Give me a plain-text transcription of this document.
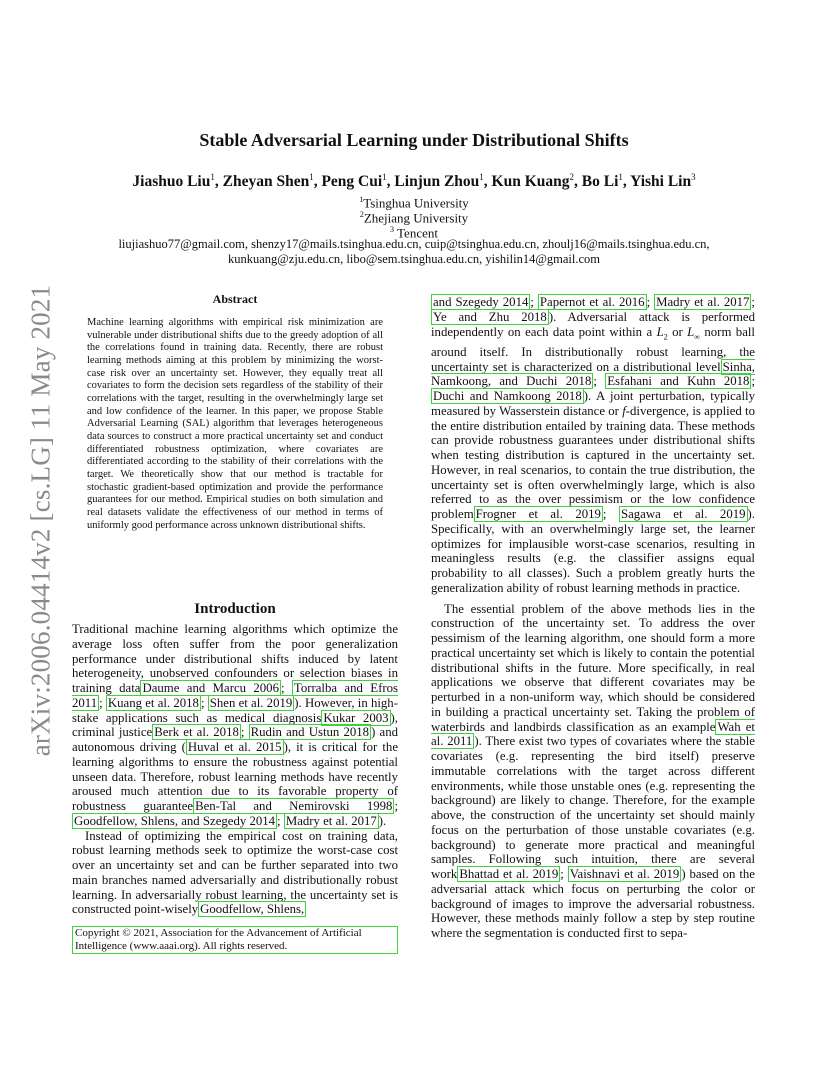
arXiv:2006.04414v2 [cs.LG] 11 May 2021
Stable Adversarial Learning under Distributional Shifts
Jiashuo Liu$^1$, Zheyan Shen$^1$, Peng Cui$^1$, Linjun Zhou$^1$, Kun Kuang$^2$, Bo Li$^1$, Yishi Lin$^3$
$^1$Tsinghua University
$^2$Zhejiang University
$^3$ Tencent
liujiashuo77@gmail.com, shenzy17@mails.tsinghua.edu.cn, cuip@tsinghua.edu.cn, zhoulj16@mails.tsinghua.edu.cn,
kunkuang@zju.edu.cn, libo@sem.tsinghua.edu.cn, yishilin14@gmail.com
Abstract
Machine learning algorithms with empirical risk minimization are vulnerable under distributional shifts due to the greedy adoption of all the correlations found in training data. Recently, there are robust learning methods aiming at this problem by minimizing the worst-case risk over an uncertainty set. However, they equally treat all covariates to form the decision sets regardless of the stability of their correlations with the target, resulting in the overwhelmingly large set and low confidence of the learner. In this paper, we propose Stable Adversarial Learning (SAL) algorithm that leverages heterogeneous data sources to construct a more practical uncertainty set and conduct differentiated robustness optimization, where covariates are differentiated according to the stability of their correlations with the target. We theoretically show that our method is tractable for stochastic gradient-based optimization and provide the performance guarantees for our method. Empirical studies on both simulation and real datasets validate the effectiveness of our method in terms of uniformly good performance across unknown distributional shifts.
Introduction

Traditional machine learning algorithms which optimize the average loss often suffer from the poor generalization performance under distributional shifts induced by latent heterogeneity, unobserved confounders or selection biases in training data Daume and Marcu 2006 ; Torralba and Efros 2011 ; Kuang et al. 2018 ; Shen et al. 2019 ). However, in high-stake applications such as medical diagnosis Kukar 2003 ), criminal justice Berk et al. 2018 ; Rudin and Ustun 2018 ) and autonomous driving ( Huval et al. 2015 ), it is critical for the learning algorithms to ensure the robustness against potential unseen data. Therefore, robust learning methods have recently aroused much attention due to its favorable property of robustness guarantee Ben-Tal and Nemirovski 1998 ; Goodfellow, Shlens, and Szegedy 2014 ; Madry et al. 2017 ).

Instead of optimizing the empirical cost on training data, robust learning methods seek to optimize the worst-case cost over an uncertainty set and can be further separated into two main branches named adversarially and distributionally robust learning. In adversarially robust learning, the uncertainty set is constructed point-wisely Goodfellow, Shlens,

Copyright © 2021, Association for the Advancement of Artificial Intelligence (www.aaai.org). All rights reserved.

and Szegedy 2014 ; Papernot et al. 2016 ; Madry et al. 2017 ; Ye and Zhu 2018 ). Adversarial attack is performed independently on each data point within a $L_2$ or $L_\infty$ norm ball around itself. In distributionally robust learning, the uncertainty set is characterized on a distributional level Sinha, Namkoong, and Duchi 2018 ; Esfahani and Kuhn 2018 ; Duchi and Namkoong 2018 ). A joint perturbation, typically measured by Wasserstein distance or f-divergence, is applied to the entire distribution entailed by training data. These methods can provide robustness guarantees under distributional shifts when testing distribution is captured in the uncertainty set. However, in real scenarios, to contain the true distribution, the uncertainty set is often overwhelmingly large, which is also referred to as the over pessimism or the low confidence problem Frogner et al. 2019 ; Sagawa et al. 2019 ). Specifically, with an overwhelmingly large set, the learner optimizes for implausible worst-case scenarios, resulting in meaningless results (e.g. the classifier assigns equal probability to all classes). Such a problem greatly hurts the generalization ability of robust learning methods in practice.

The essential problem of the above methods lies in the construction of the uncertainty set. To address the over pessimism of the learning algorithm, one should form a more practical uncertainty set which is likely to contain the potential distributional shifts in the future. More specifically, in real applications we observe that different covariates may be perturbed in a non-uniform way, which should be considered in building a practical uncertainty set. Taking the problem of waterbirds and landbirds classification as an example Wah et al. 2011 ). There exist two types of covariates where the stable covariates (e.g. representing the bird itself) preserve immutable correlations with the target across different environments, while those unstable ones (e.g. representing the background) are likely to change. Therefore, for the example above, the construction of the uncertainty set should mainly focus on the perturbation of those unstable covariates (e.g. background) to generate more practical and meaningful samples. Following such intuition, there are several work Bhattad et al. 2019 ; Vaishnavi et al. 2019 ) based on the adversarial attack which focus on perturbing the color or background of images to improve the adversarial robustness. However, these methods mainly follow a step by step routine where the segmentation is conducted first to sepa-
